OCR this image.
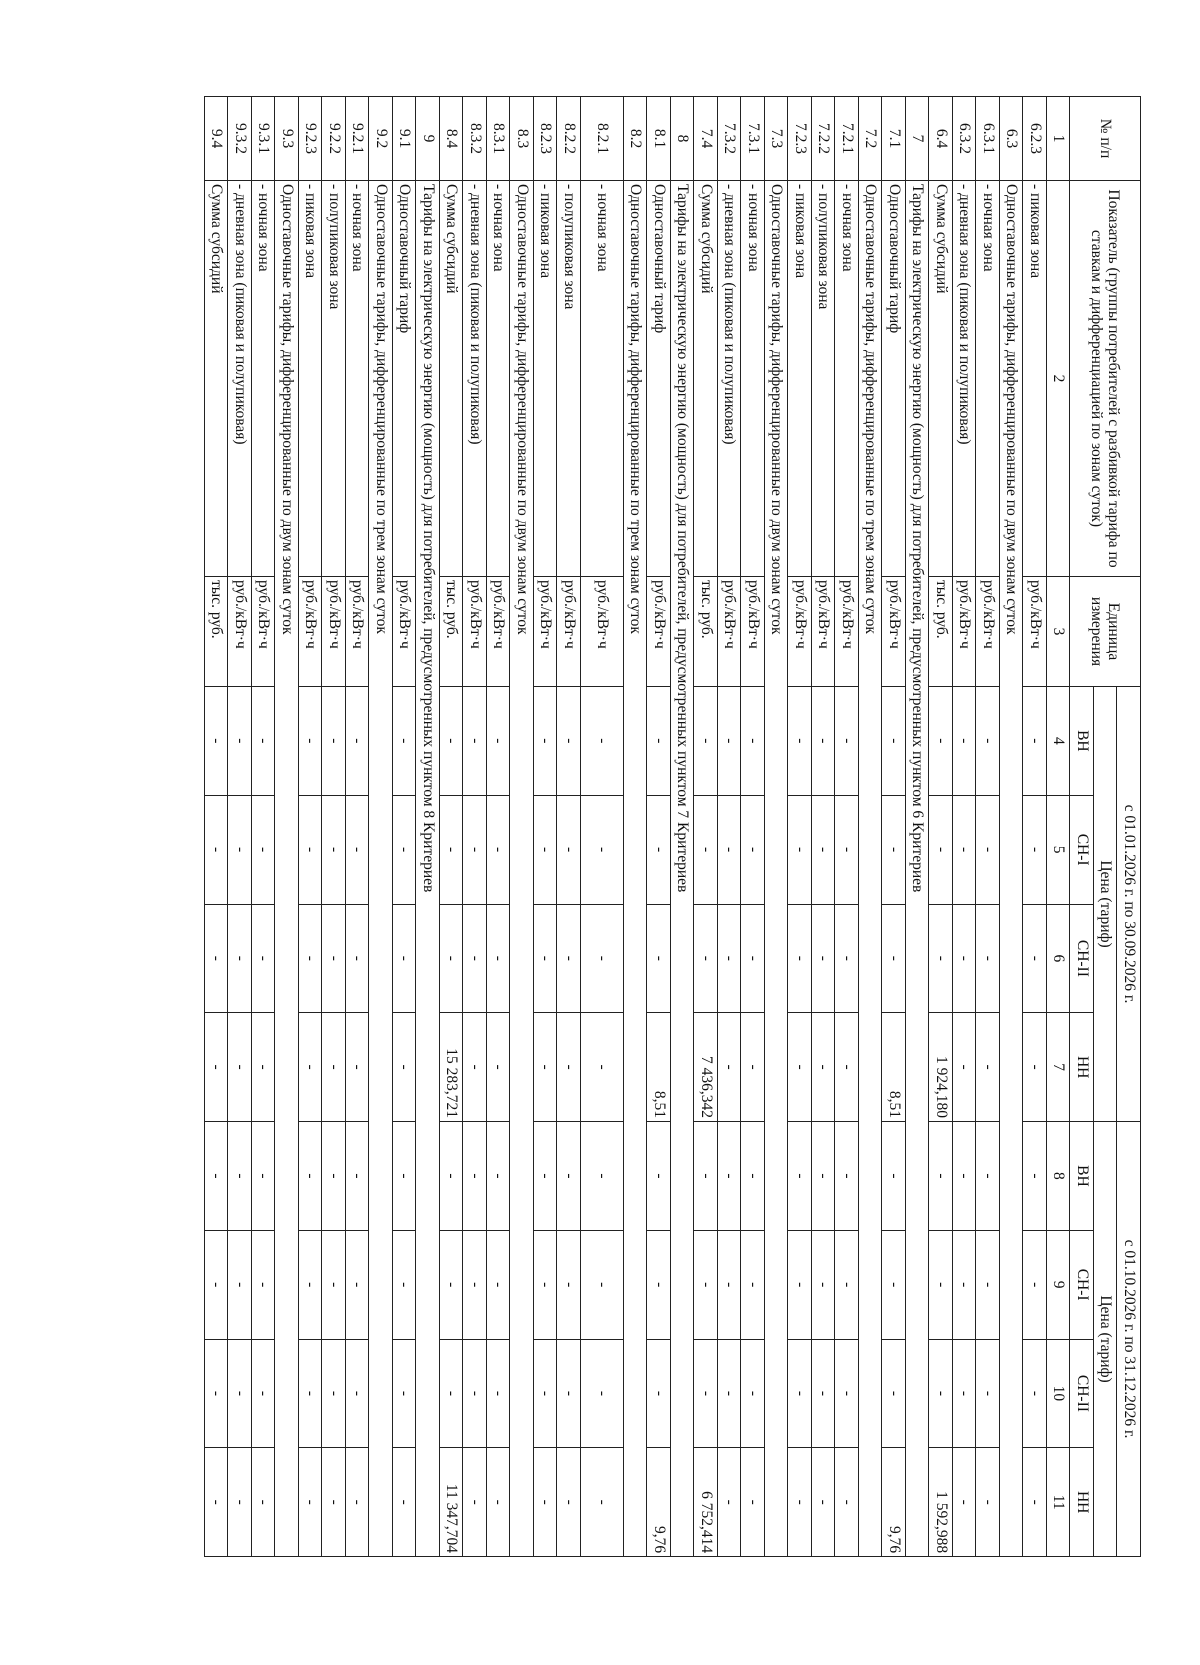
№ п/п	Показатель (группы потребителей с разбивкой тарифа по ставкам и дифференциацией по зонам суток)	Единица измерения	с 01.01.2026 г. по 30.09.2026 г.				с 01.10.2026 г. по 31.12.2026 г.			
			Цена (тариф)				Цена (тариф)			
			ВН	СН-I	СН-II	НН	ВН	СН-I	СН-II	НН
1	2	3	4	5	6	7	8	9	10	11
6.2.3	- пиковая зона	руб./кВт·ч	-	-	-	-	-	-	-	-
6.3	Одноставочные тарифы, дифференцированные по двум зонам суток									
6.3.1	- ночная зона	руб./кВт·ч	-	-	-	-	-	-	-	-
6.3.2	- дневная зона (пиковая и полупиковая)	руб./кВт·ч	-	-	-	-	-	-	-	-
6.4	Сумма субсидий	тыс. руб.	-	-	-	1 924,180	-	-	-	1 592,988
7	Тарифы на электрическую энергию (мощность) для потребителей, предусмотренных пунктом 6 Критериев									
7.1	Одноставочный тариф	руб./кВт·ч	-	-	-	8,51	-	-	-	9,76
7.2	Одноставочные тарифы, дифференцированные по трем зонам суток									
7.2.1	- ночная зона	руб./кВт·ч	-	-	-	-	-	-	-	-
7.2.2	- полупиковая зона	руб./кВт·ч	-	-	-	-	-	-	-	-
7.2.3	- пиковая зона	руб./кВт·ч	-	-	-	-	-	-	-	-
7.3	Одноставочные тарифы, дифференцированные по двум зонам суток									
7.3.1	- ночная зона	руб./кВт·ч	-	-	-	-	-	-	-	-
7.3.2	- дневная зона (пиковая и полупиковая)	руб./кВт·ч	-	-	-	-	-	-	-	-
7.4	Сумма субсидий	тыс. руб.	-	-	-	7 436,342	-	-	-	6 752,414
8	Тарифы на электрическую энергию (мощность) для потребителей, предусмотренных пунктом 7 Критериев									
8.1	Одноставочный тариф	руб./кВт·ч	-	-	-	8,51	-	-	-	9,76
8.2	Одноставочные тарифы, дифференцированные по трем зонам суток									
8.2.1	- ночная зона	руб./кВт·ч	-	-	-	-	-	-	-	-
8.2.2	- полупиковая зона	руб./кВт·ч	-	-	-	-	-	-	-	-
8.2.3	- пиковая зона	руб./кВт·ч	-	-	-	-	-	-	-	-
8.3	Одноставочные тарифы, дифференцированные по двум зонам суток									
8.3.1	- ночная зона	руб./кВт·ч	-	-	-	-	-	-	-	-
8.3.2	- дневная зона (пиковая и полупиковая)	руб./кВт·ч	-	-	-	-	-	-	-	-
8.4	Сумма субсидий	тыс. руб.	-	-	-	15 283,721	-	-	-	11 347,704
9	Тарифы на электрическую энергию (мощность) для потребителей, предусмотренных пунктом 8 Критериев									
9.1	Одноставочный тариф	руб./кВт·ч	-	-	-	-	-	-	-	-
9.2	Одноставочные тарифы, дифференцированные по трем зонам суток									
9.2.1	- ночная зона	руб./кВт·ч	-	-	-	-	-	-	-	-
9.2.2	- полупиковая зона	руб./кВт·ч	-	-	-	-	-	-	-	-
9.2.3	- пиковая зона	руб./кВт·ч	-	-	-	-	-	-	-	-
9.3	Одноставочные тарифы, дифференцированные по двум зонам суток									
9.3.1	- ночная зона	руб./кВт·ч	-	-	-	-	-	-	-	-
9.3.2	- дневная зона (пиковая и полупиковая)	руб./кВт·ч	-	-	-	-	-	-	-	-
9.4	Сумма субсидий	тыс. руб.	-	-	-	-	-	-	-	-
